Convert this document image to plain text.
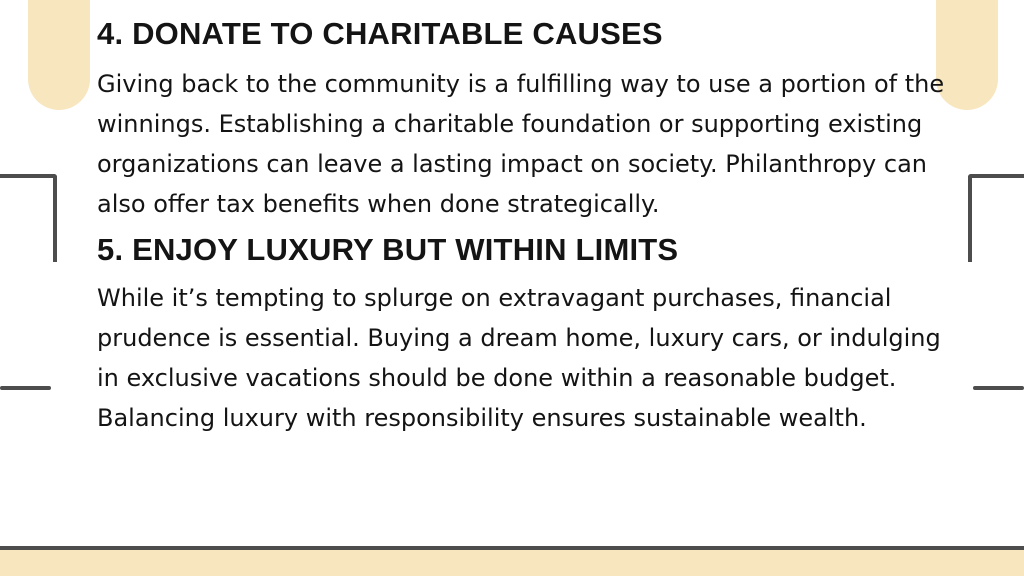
4. DONATE TO CHARITABLE CAUSES

Giving back to the community is a fulfilling way to use a portion of the winnings. Establishing a charitable foundation or supporting existing organizations can leave a lasting impact on society. Philanthropy can also offer tax benefits when done strategically.

5. ENJOY LUXURY BUT WITHIN LIMITS

While it’s tempting to splurge on extravagant purchases, financial prudence is essential. Buying a dream home, luxury cars, or indulging in exclusive vacations should be done within a reasonable budget. Balancing luxury with responsibility ensures sustainable wealth.
